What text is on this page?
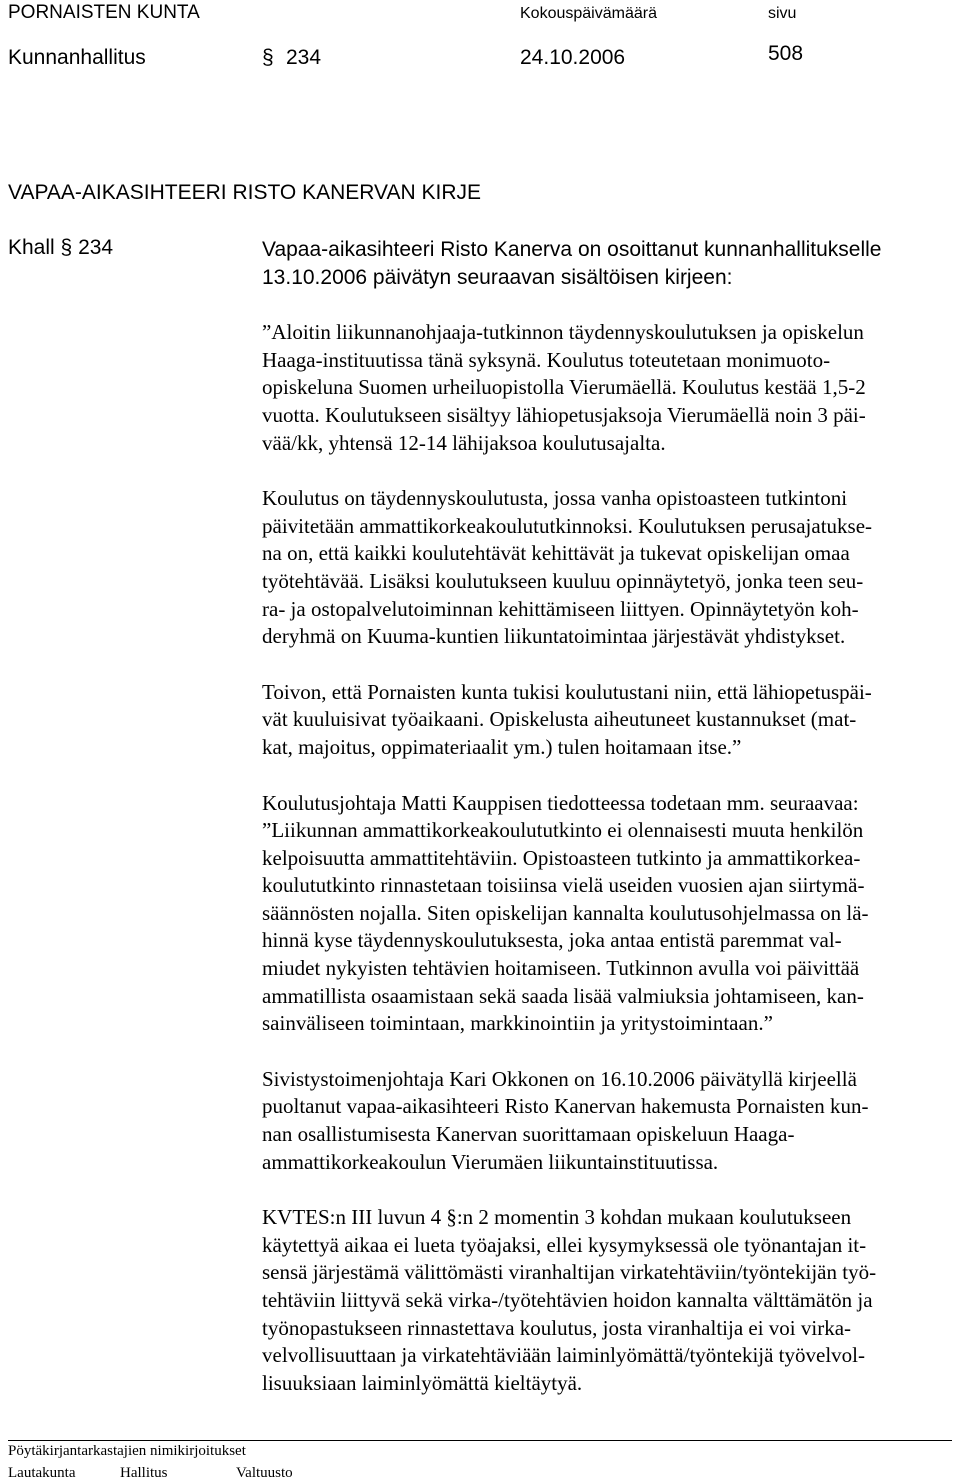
PORNAISTEN KUNTA	Kokouspäivämäärä	sivu
Kunnanhallitus	§ 234	24.10.2006	508
VAPAA-AIKASIHTEERI RISTO KANERVAN KIRJE
Khall § 234	Vapaa-aikasihteeri Risto Kanerva on osoittanut kunnanhallitukselle
13.10.2006 päivätyn seuraavan sisältöisen kirjeen:
”Aloitin liikunnanohjaaja-tutkinnon täydennyskoulutuksen ja opiskelun
Haaga-instituutissa tänä syksynä. Koulutus toteutetaan monimuoto-
opiskeluna Suomen urheiluopistolla Vierumäellä. Koulutus kestää 1,5-2
vuotta. Koulutukseen sisältyy lähiopetusjaksoja Vierumäellä noin 3 päi-
vää/kk, yhtensä 12-14 lähijaksoa koulutusajalta.
Koulutus on täydennyskoulutusta, jossa vanha opistoasteen tutkintoni
päivitetään ammattikorkeakoulututkinnoksi. Koulutuksen perusajatukse-
na on, että kaikki koulutehtävät kehittävät ja tukevat opiskelijan omaa
työtehtävää. Lisäksi koulutukseen kuuluu opinnäytetyö, jonka teen seu-
ra- ja ostopalvelutoiminnan kehittämiseen liittyen. Opinnäytetyön koh-
deryhmä on Kuuma-kuntien liikuntatoimintaa järjestävät yhdistykset.
Toivon, että Pornaisten kunta tukisi koulutustani niin, että lähiopetuspäi-
vät kuuluisivat työaikaani. Opiskelusta aiheutuneet kustannukset (mat-
kat, majoitus, oppimateriaalit ym.) tulen hoitamaan itse.”
Koulutusjohtaja Matti Kauppisen tiedotteessa todetaan mm. seuraavaa:
”Liikunnan ammattikorkeakoulututkinto ei olennaisesti muuta henkilön
kelpoisuutta ammattitehtäviin. Opistoasteen tutkinto ja ammattikorkea-
koulututkinto rinnastetaan toisiinsa vielä useiden vuosien ajan siirtymä-
säännösten nojalla. Siten opiskelijan kannalta koulutusohjelmassa on lä-
hinnä kyse täydennyskoulutuksesta, joka antaa entistä paremmat val-
miudet nykyisten tehtävien hoitamiseen. Tutkinnon avulla voi päivittää
ammatillista osaamistaan sekä saada lisää valmiuksia johtamiseen, kan-
sainväliseen toimintaan, markkinointiin ja yritystoimintaan.”
Sivistystoimenjohtaja Kari Okkonen on 16.10.2006 päivätyllä kirjeellä
puoltanut vapaa-aikasihteeri Risto Kanervan hakemusta Pornaisten kun-
nan osallistumisesta Kanervan suorittamaan opiskeluun Haaga-
ammattikorkeakoulun Vierumäen liikuntainstituutissa.
KVTES:n III luvun 4 §:n 2 momentin 3 kohdan mukaan koulutukseen
käytettyä aikaa ei lueta työajaksi, ellei kysymyksessä ole työnantajan it-
sensä järjestämä välittömästi viranhaltijan virkatehtäviin/työntekijän työ-
tehtäviin liittyvä sekä virka-/työtehtävien hoidon kannalta välttämätön ja
työnopastukseen rinnastettava koulutus, josta viranhaltija ei voi virka-
velvollisuuttaan ja virkatehtäviään laiminlyömättä/työntekijä työvelvol-
lisuuksiaan laiminlyömättä kieltäytyä.
Pöytäkirjantarkastajien nimikirjoitukset
Lautakunta	Hallitus	Valtuusto
